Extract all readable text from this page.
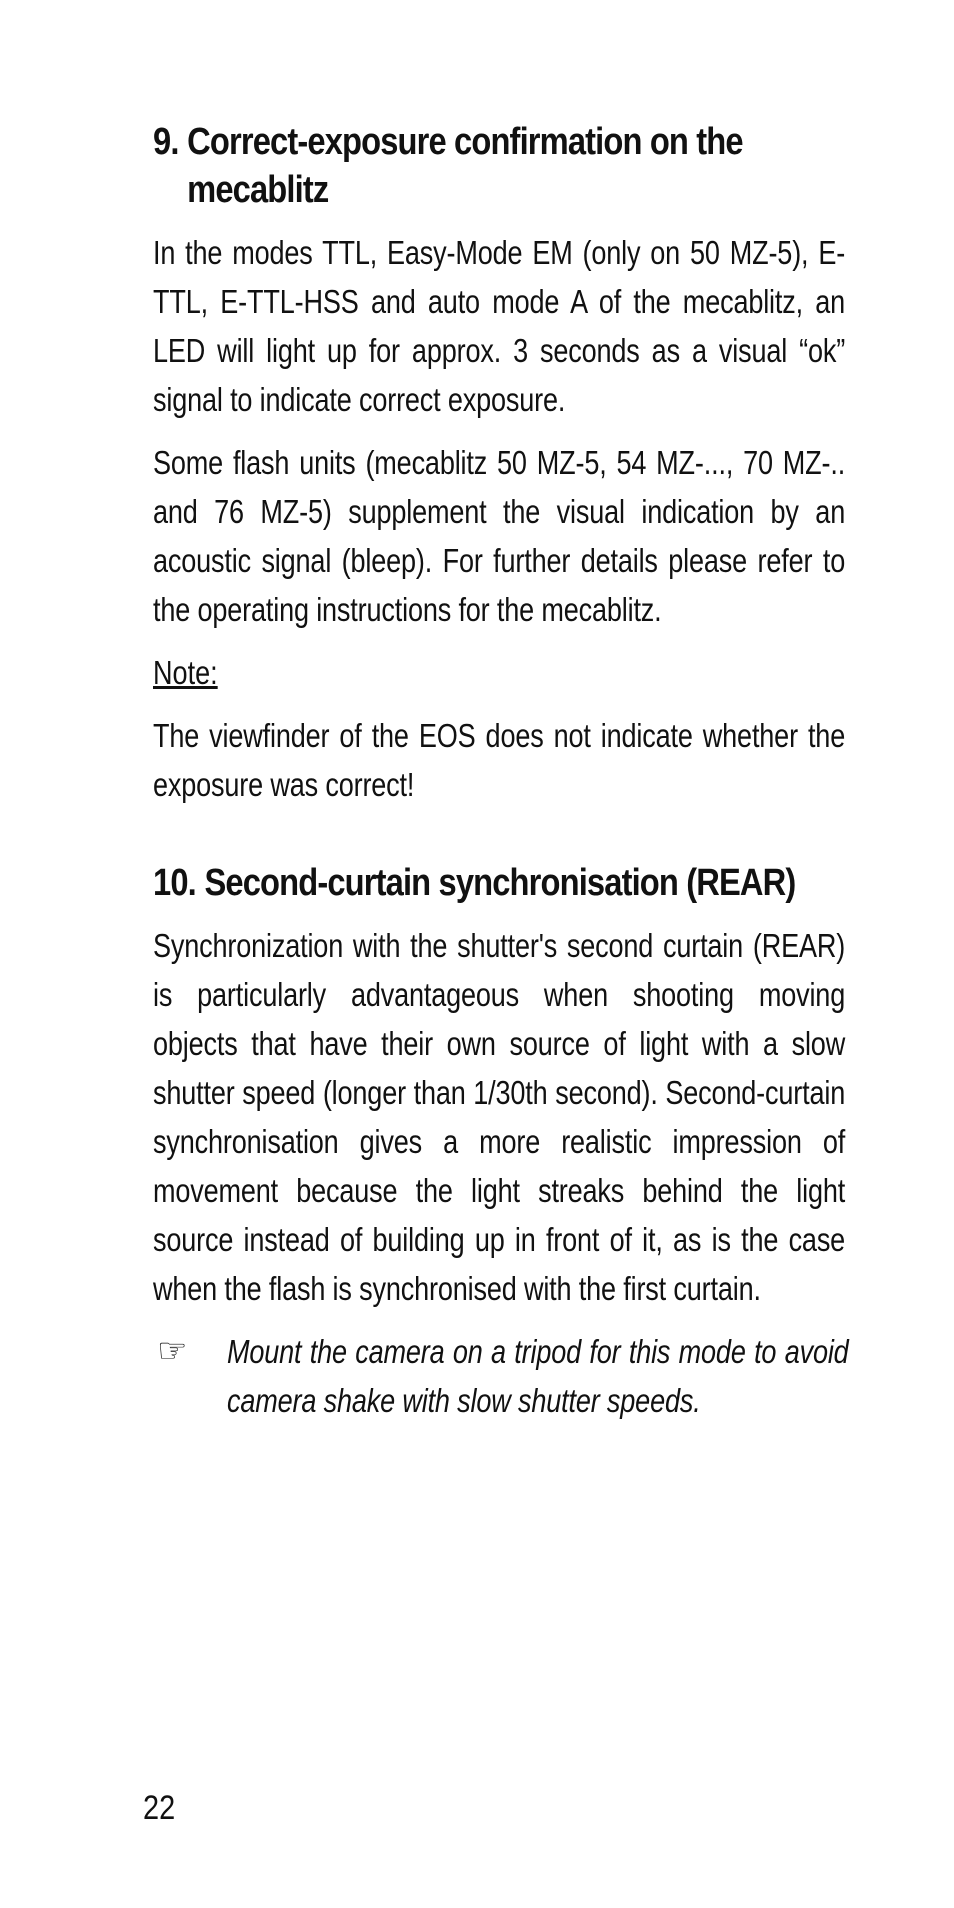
9. Correct-exposure confirmation on the mecablitz
In the modes TTL, Easy-Mode EM (only on 50 MZ-5), E-TTL, E-TTL-HSS and auto mode A of the mecablitz, an LED will light up for approx. 3 seconds as a visual “ok” signal to indicate correct exposure.
Some flash units (mecablitz 50 MZ-5, 54 MZ-..., 70 MZ-.. and 76 MZ-5) supplement the visual indication by an acoustic signal (bleep). For further details please refer to the operating instructions for the mecablitz.
Note:
The viewfinder of the EOS does not indicate whether the exposure was correct!
10. Second-curtain synchronisation (REAR)
Synchronization with the shutter's second curtain (REAR) is particularly advantageous when shooting moving objects that have their own source of light with a slow shutter speed (longer than 1/30th second). Second-curtain synchronisation gives a more realistic impression of movement because the light streaks behind the light source instead of building up in front of it, as is the case when the flash is synchronised with the first curtain.
☞	Mount the camera on a tripod for this mode to avoid camera shake with slow shutter speeds.
22
